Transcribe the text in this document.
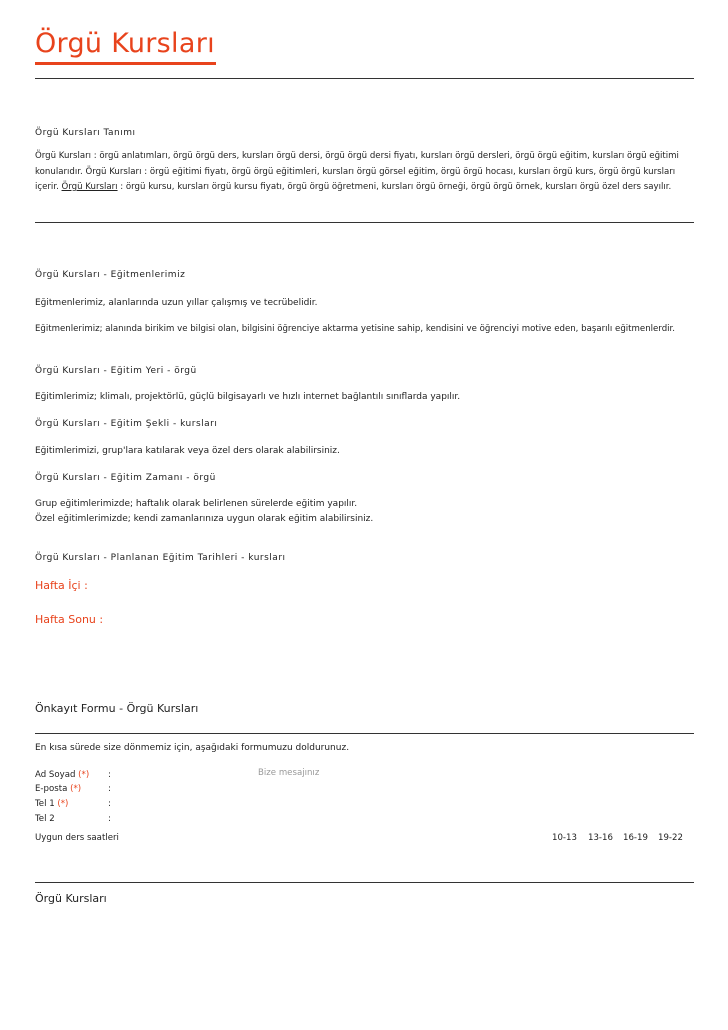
Örgü Kursları
Örgü Kursları Tanımı
Örgü Kursları : örgü anlatımları, örgü örgü ders, kursları örgü dersi, örgü örgü dersi fiyatı, kursları örgü dersleri, örgü örgü eğitim, kursları örgü eğitimi konularıdır. Örgü Kursları : örgü eğitimi fiyatı, örgü örgü eğitimleri, kursları örgü görsel eğitim, örgü örgü hocası, kursları örgü kurs, örgü örgü kursları içerir. Örgü Kursları : örgü kursu, kursları örgü kursu fiyatı, örgü örgü öğretmeni, kursları örgü örneği, örgü örgü örnek, kursları örgü özel ders sayılır.
Örgü Kursları - Eğitmenlerimiz
Eğitmenlerimiz, alanlarında uzun yıllar çalışmış ve tecrübelidir.
Eğitmenlerimiz; alanında birikim ve bilgisi olan, bilgisini öğrenciye aktarma yetisine sahip, kendisini ve öğrenciyi motive eden, başarılı eğitmenlerdir.
Örgü Kursları - Eğitim Yeri - örgü
Eğitimlerimiz; klimalı, projektörlü, güçlü bilgisayarlı ve hızlı internet bağlantılı sınıflarda yapılır.
Örgü Kursları - Eğitim Şekli - kursları
Eğitimlerimizi, grup'lara katılarak veya özel ders olarak alabilirsiniz.
Örgü Kursları - Eğitim Zamanı - örgü
Grup eğitimlerimizde; haftalık olarak belirlenen sürelerde eğitim yapılır.
Özel eğitimlerimizde; kendi zamanlarınıza uygun olarak eğitim alabilirsiniz.
Örgü Kursları - Planlanan Eğitim Tarihleri - kursları
Hafta İçi :
Hafta Sonu :
Önkayıt Formu - Örgü Kursları
En kısa sürede size dönmemiz için, aşağıdaki formumuzu doldurunuz.
Ad Soyad (*) :
E-posta (*)	:
Tel 1 (*)	:
Tel 2	:
Bize mesajınız
Uygun ders saatleri	10-13 13-16 16-19 19-22
Örgü Kursları
